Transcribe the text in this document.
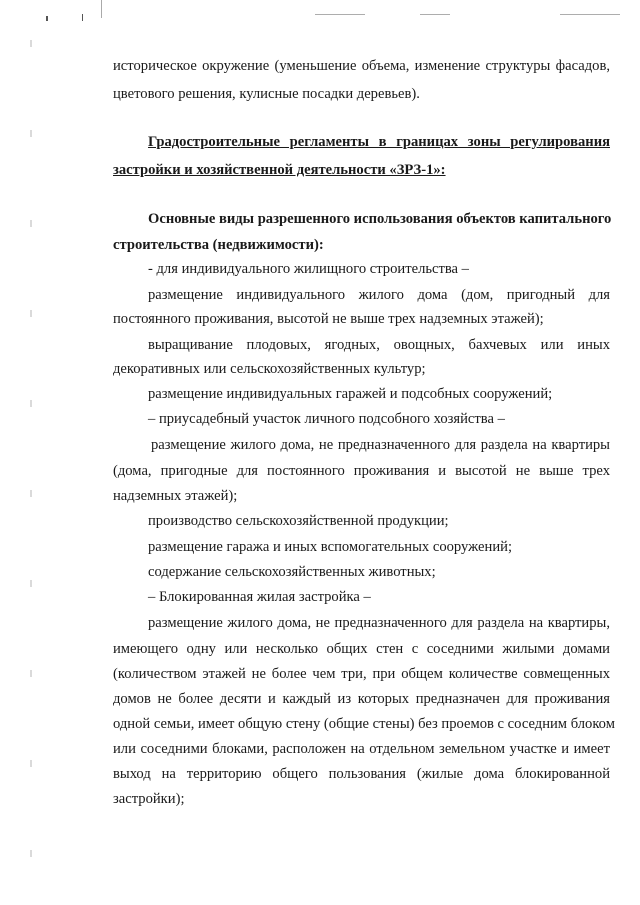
историческое окружение (уменьшение объема, изменение структуры фасадов,
цветового решения, кулисные посадки деревьев).
Градостроительные регламенты в границах зоны регулирования
застройки и хозяйственной деятельности «ЗРЗ-1»:
Основные виды разрешенного использования объектов капитального
строительства (недвижимости):
- для индивидуального жилищного строительства –
размещение индивидуального жилого дома (дом, пригодный для
постоянного проживания, высотой не выше трех надземных этажей);
выращивание плодовых, ягодных, овощных, бахчевых или иных
декоративных или сельскохозяйственных культур;
размещение индивидуальных гаражей и подсобных сооружений;
– приусадебный участок личного подсобного хозяйства –
размещение жилого дома, не предназначенного для раздела на квартиры
(дома, пригодные для постоянного проживания и высотой не выше трех
надземных этажей);
производство сельскохозяйственной продукции;
размещение гаража и иных вспомогательных сооружений;
содержание сельскохозяйственных животных;
– Блокированная жилая застройка –
размещение жилого дома, не предназначенного для раздела на квартиры,
имеющего одну или несколько общих стен с соседними жилыми домами
(количеством этажей не более чем три, при общем количестве совмещенных
домов не более десяти и каждый из которых предназначен для проживания
одной семьи, имеет общую стену (общие стены) без проемов с соседним блоком
или соседними блоками, расположен на отдельном земельном участке и имеет
выход на территорию общего пользования (жилые дома блокированной
застройки);
